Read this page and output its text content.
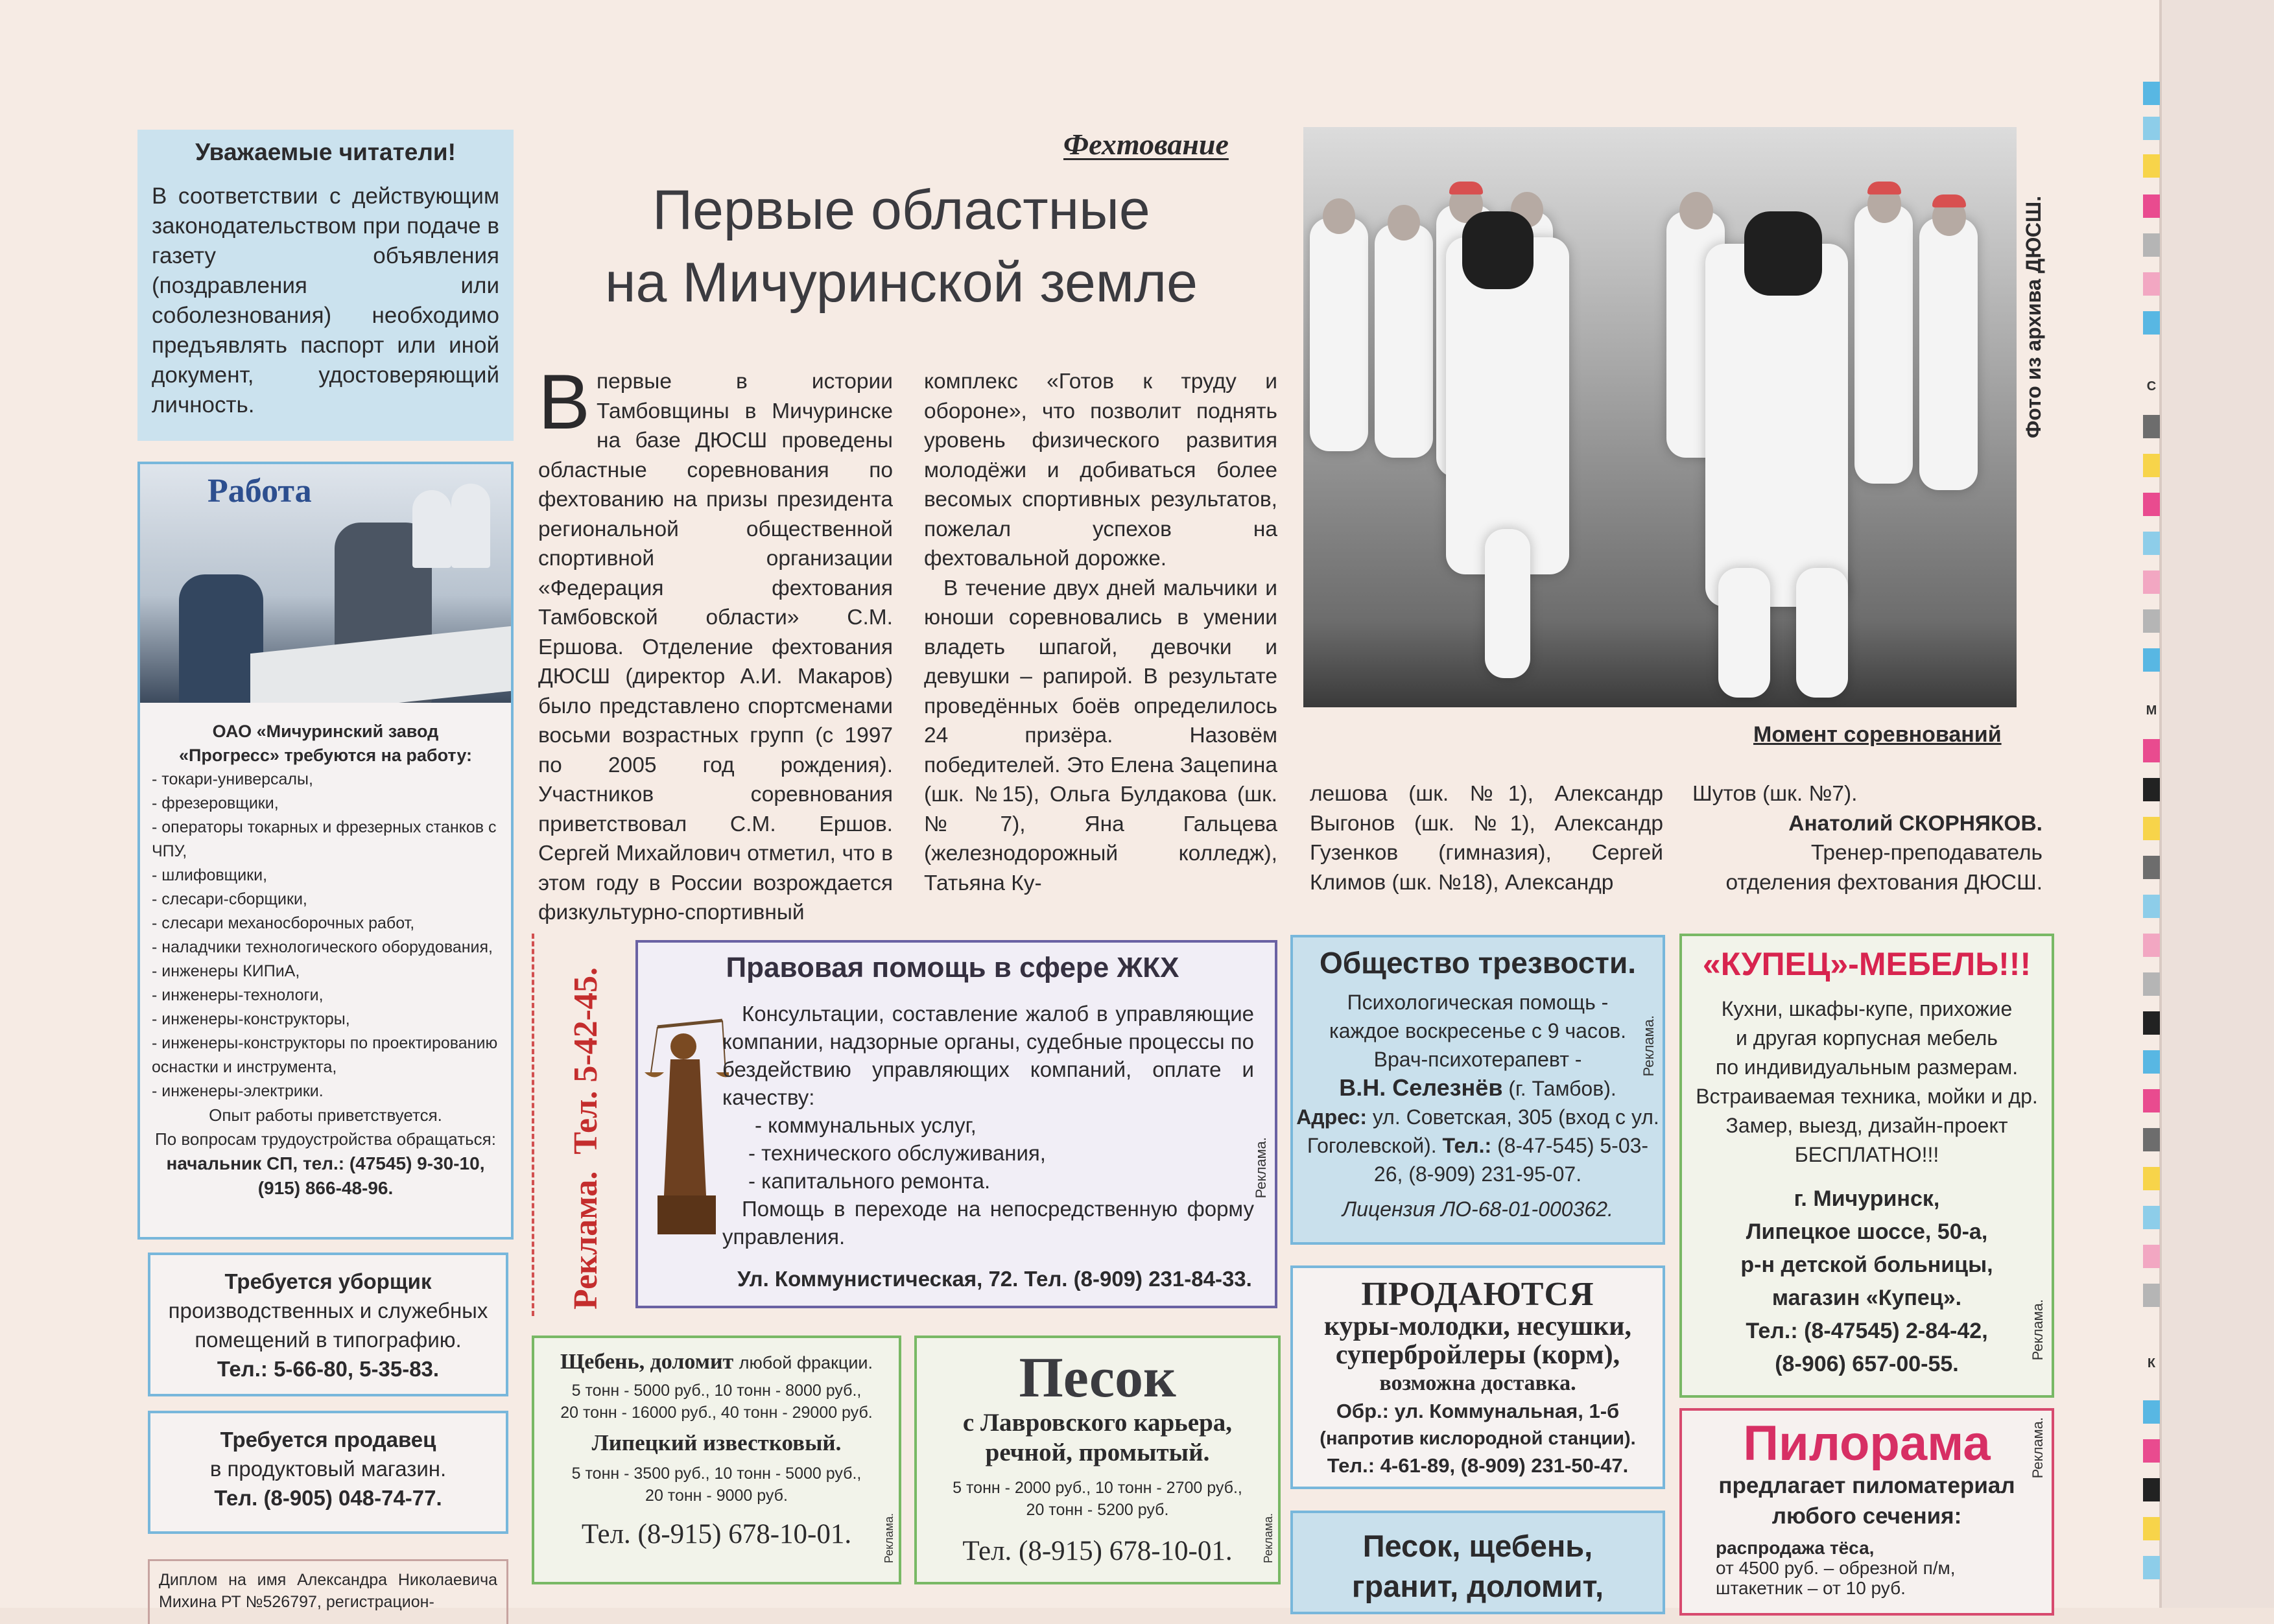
С
М
К
Уважаемые читатели!

В соответствии с действующим законодательством при подаче в газету объявления (поздравления или соболезнования) необходимо предъявлять паспорт или иной документ, удостоверяющий личность.

Работа
ОАО «Мичуринский завод
«Прогресс» требуются на работу:
- токари-универсалы,
- фрезеровщики,
- операторы токарных и фрезерных станков с ЧПУ,
- шлифовщики,
- слесари-сборщики,
- слесари механосборочных работ,
- наладчики технологического оборудования,
- инженеры КИПиА,
- инженеры-технологи,
- инженеры-конструкторы,
- инженеры-конструкторы по проектированию оснастки и инструмента,
- инженеры-электрики.
Опыт работы приветствуется.
По вопросам трудоустройства обращаться:
начальник СП, тел.: (47545) 9-30-10,
(915) 866-48-96.
Требуется уборщик
производственных и служебных
помещений в типографию.
Тел.: 5-66-80, 5-35-83.
Требуется продавец
в продуктовый магазин.
Тел. (8-905) 048-74-77.
Диплом на имя Александра Николаевича Михина РТ №526797, регистрацион-
Фехтование
Первые областные
на Мичуринской земле
Впервые в истории Тамбовщины в Мичуринске на базе ДЮСШ проведены областные соревнования по фехтованию на призы президента региональной общественной спортивной организации «Федерация фехтования Тамбовской области» С.М. Ершова. Отделение фехтования ДЮСШ (директор А.И. Макаров) было представлено спортсменами восьми возрастных групп (с 1997 по 2005 год рождения). Участников соревнования приветствовал С.М. Ершов. Сергей Михайлович отметил, что в этом году в России возрождается физкультурно-спортивный
комплекс «Готов к труду и обороне», что позволит поднять уровень физического развития молодёжи и добиваться более весомых спортивных результатов, пожелал успехов на фехтовальной дорожке.
В течение двух дней мальчики и юноши соревновались в умении владеть шпагой, девочки и девушки – рапирой. В результате проведённых боёв определилось 24 призёра. Назовём победителей. Это Елена Зацепина (шк. №15), Ольга Булдакова (шк. №7), Яна Гальцева (железнодорожный колледж), Татьяна Ку-
лешова (шк. №1), Александр Выгонов (шк. №1), Александр Гузенков (гимназия), Сергей Климов (шк. №18), Александр
Шутов (шк. №7).
Анатолий СКОРНЯКОВ.
Тренер-преподаватель
отделения фехтования ДЮСШ.
Фото из архива ДЮСШ.
Момент соревнований
Реклама.  Тел. 5-42-45.	Правовая помощь в сфере ЖКХ
Консультации, составление жалоб в управляющие компании, надзорные органы, судебные процессы по бездействию управляющих компаний, оплате и качеству:
- коммунальных услуг,
- технического обслуживания,
- капитального ремонта.
Помощь в переходе на непосредственную форму управления.
Ул. Коммунистическая, 72. Тел. (8-909) 231-84-33.
Реклама.
Общество трезвости.

Психологическая помощь -

каждое воскресенье с 9 часов.

Врач-психотерапевт -

В.Н. Селезнёв (г. Тамбов).

Адрес: ул. Советская, 305 (вход с ул. Гоголевской). Тел.: (8-47-545) 5-03-26, (8-909) 231-95-07.

Лицензия ЛО-68-01-000362.

Реклама.
ПРОДАЮТСЯ
куры-молодки, несушки,
супербройлеры (корм),
возможна доставка.
Обр.: ул. Коммунальная, 1-б
(напротив кислородной станции).
Тел.: 4-61-89, (8-909) 231-50-47.
Песок, щебень,
гранит, доломит,
«КУПЕЦ»-МЕБЕЛЬ!!!

Кухни, шкафы-купе, прихожие

и другая корпусная мебель

по индивидуальным размерам.

Встраиваемая техника, мойки и др.

Замер, выезд, дизайн-проект

БЕСПЛАТНО!!!

г. Мичуринск,

Липецкое шоссе, 50-а,

р-н детской больницы,

магазин «Купец».

Тел.: (8-47545) 2-84-42,

(8-906) 657-00-55.

Реклама.
Пилорама
предлагает пиломатериал
любого сечения:
распродажа тёса,
от 4500 руб. – обрезной п/м,
штакетник – от 10 руб.
Реклама.
Щебень, доломит любой фракции.
5 тонн - 5000 руб., 10 тонн - 8000 руб.,
20 тонн - 16000 руб., 40 тонн - 29000 руб.
Липецкий известковый.
5 тонн - 3500 руб., 10 тонн - 5000 руб.,
20 тонн - 9000 руб.
Тел. (8-915) 678-10-01.	Реклама.
Песок
с Лавровского карьера,
речной, промытый.
5 тонн - 2000 руб., 10 тонн - 2700 руб.,
20 тонн - 5200 руб.
Тел. (8-915) 678-10-01.	Реклама.
